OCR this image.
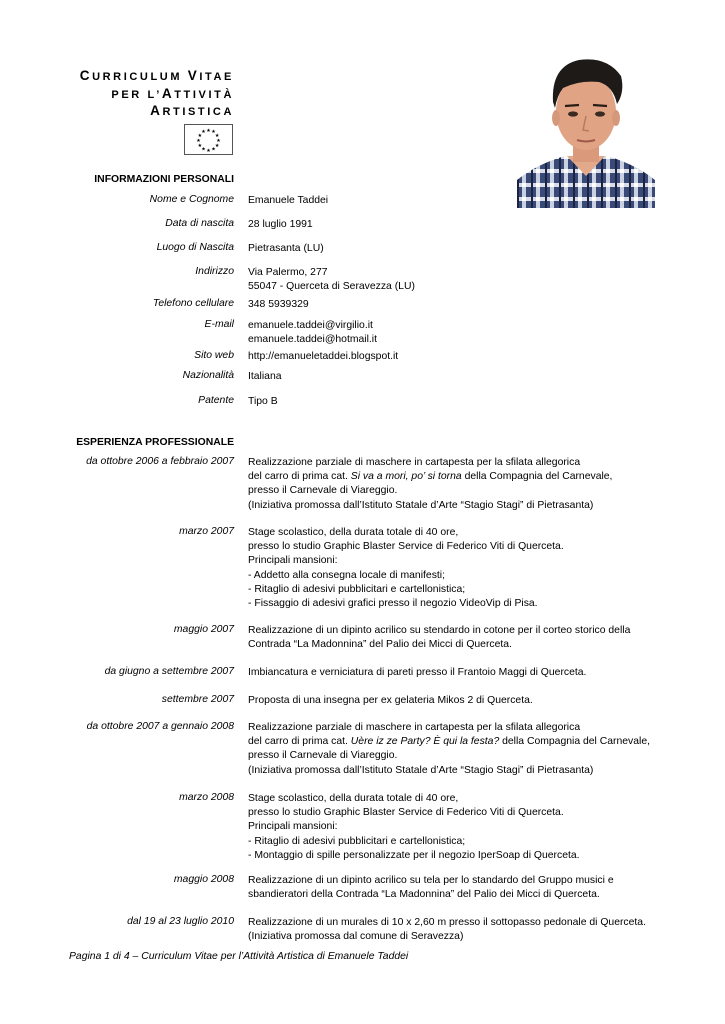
CURRICULUM VITAE
PER L’ATTIVITÀ
ARTISTICA
★ ★
★
★
★
★
★
★
★
★
★
★
INFORMAZIONI PERSONALI
Nome e Cognome Emanuele Taddei
Data di nascita 28 luglio 1991
Luogo di Nascita Pietrasanta (LU)
Indirizzo Via Palermo, 277
55047 - Querceta di Seravezza (LU)
Telefono cellulare 348 5939329
E-mail emanuele.taddei@virgilio.it
emanuele.taddei@hotmail.it
Sito web http://emanueletaddei.blogspot.it
Nazionalità Italiana
Patente Tipo B
ESPERIENZA PROFESSIONALE
da ottobre 2006 a febbraio 2007 Realizzazione parziale di maschere in cartapesta per la sfilata allegorica
del carro di prima cat. Si va a mori, po’ si torna della Compagnia del Carnevale,
presso il Carnevale di Viareggio.
(Iniziativa promossa dall’Istituto Statale d’Arte “Stagio Stagi” di Pietrasanta)
marzo 2007 Stage scolastico, della durata totale di 40 ore,
presso lo studio Graphic Blaster Service di Federico Viti di Querceta.
Principali mansioni:
- Addetto alla consegna locale di manifesti;
- Ritaglio di adesivi pubblicitari e cartellonistica;
- Fissaggio di adesivi grafici presso il negozio VideoVip di Pisa.
maggio 2007 Realizzazione di un dipinto acrilico su stendardo in cotone per il corteo storico della
Contrada “La Madonnina” del Palio dei Micci di Querceta.
da giugno a settembre 2007 Imbiancatura e verniciatura di pareti presso il Frantoio Maggi di Querceta.
settembre 2007 Proposta di una insegna per ex gelateria Mikos 2 di Querceta.
da ottobre 2007 a gennaio 2008 Realizzazione parziale di maschere in cartapesta per la sfilata allegorica
del carro di prima cat. Uère iz ze Party? È qui la festa? della Compagnia del Carnevale,
presso il Carnevale di Viareggio.
(Iniziativa promossa dall’Istituto Statale d’Arte “Stagio Stagi” di Pietrasanta)
marzo 2008 Stage scolastico, della durata totale di 40 ore,
presso lo studio Graphic Blaster Service di Federico Viti di Querceta.
Principali mansioni:
- Ritaglio di adesivi pubblicitari e cartellonistica;
- Montaggio di spille personalizzate per il negozio IperSoap di Querceta.
maggio 2008 Realizzazione di un dipinto acrilico su tela per lo standardo del Gruppo musici e
sbandieratori della Contrada “La Madonnina” del Palio dei Micci di Querceta.
dal 19 al 23 luglio 2010 Realizzazione di un murales di 10 x 2,60 m presso il sottopasso pedonale di Querceta.
(Iniziativa promossa dal comune di Seravezza)
Pagina 1 di 4 – Curriculum Vitae per l’Attività Artistica di Emanuele Taddei
